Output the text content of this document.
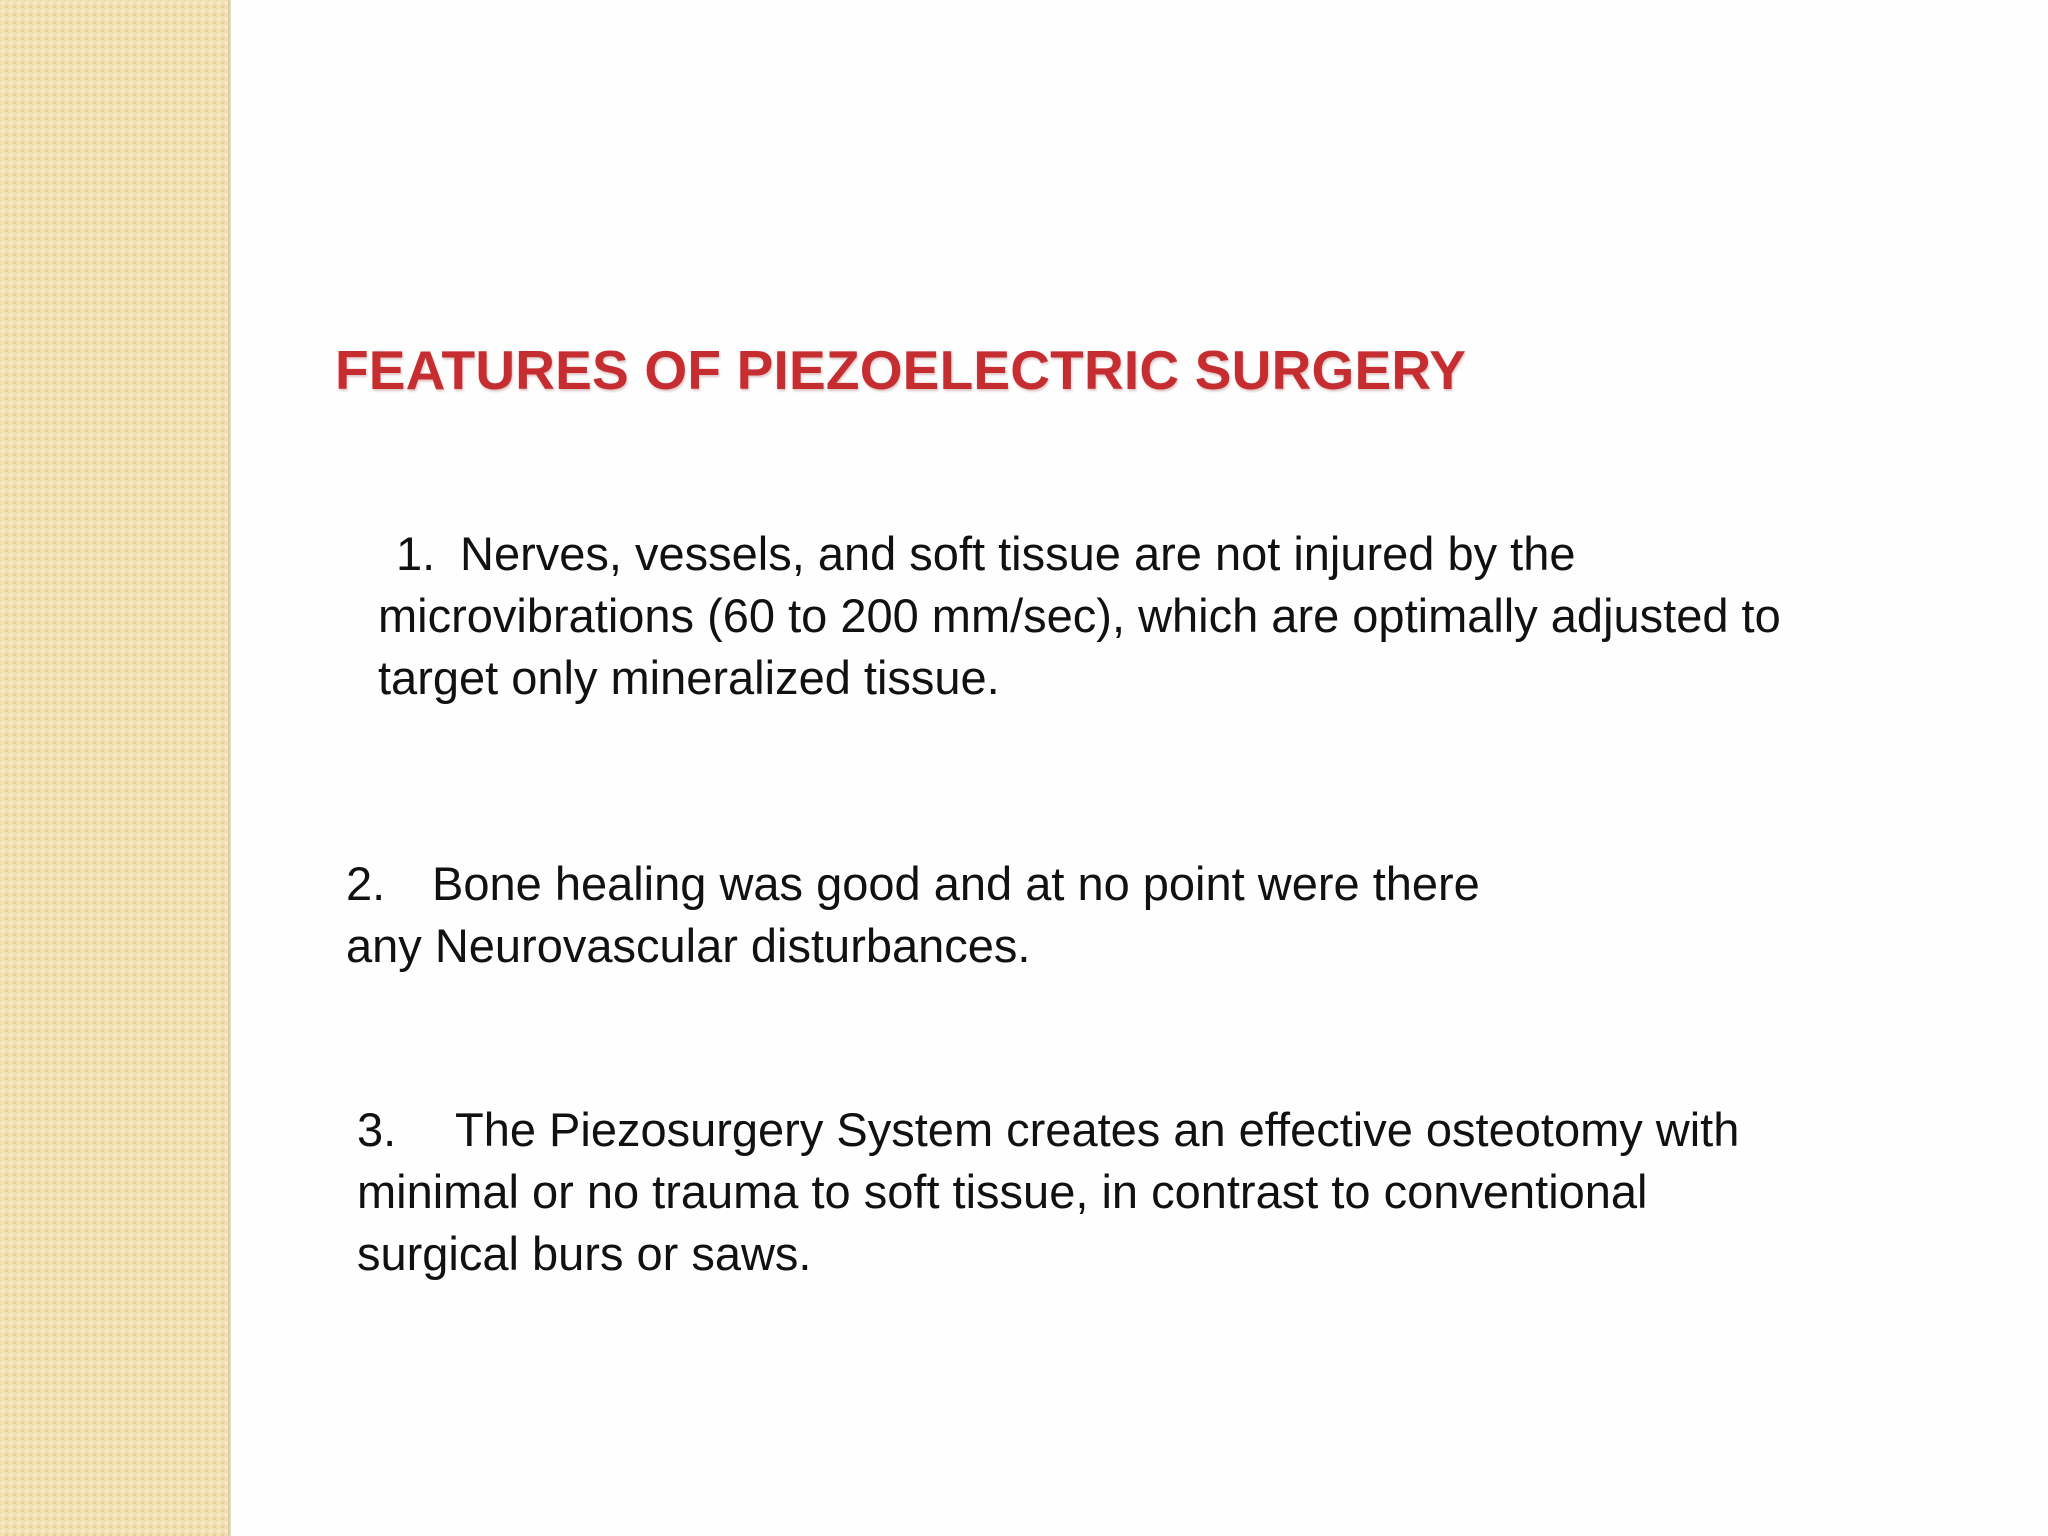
FEATURES OF PIEZOELECTRIC SURGERY

1. Nerves, vessels, and soft tissue are not injured by the
microvibrations (60 to 200 mm/sec), which are optimally adjusted to
target only mineralized tissue.

2. Bone healing was good and at no point were there
any Neurovascular disturbances.

3. The Piezosurgery System creates an effective osteotomy with
minimal or no trauma to soft tissue, in contrast to conventional
surgical burs or saws.
